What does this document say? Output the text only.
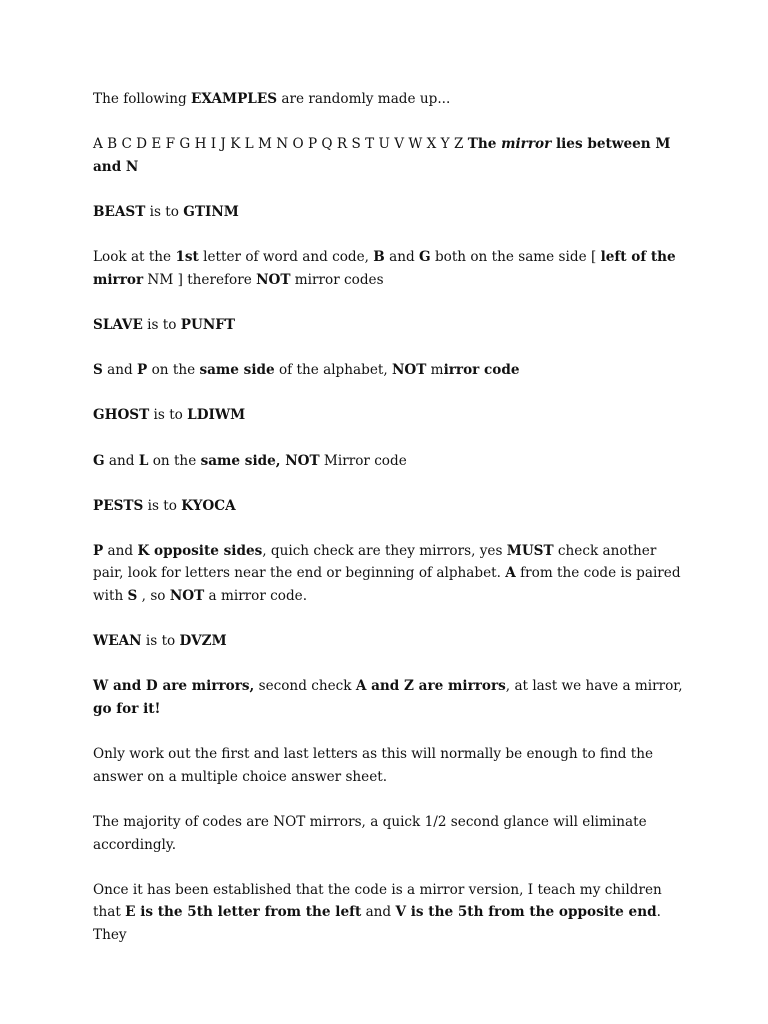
The following EXAMPLES are randomly made up...

A B C D E F G H I J K L M N O P Q R S T U V W X Y Z The mirror lies between M and N

BEAST is to GTINM

Look at the 1st letter of word and code, B and G both on the same side [ left of the mirror NM ] therefore NOT mirror codes

SLAVE is to PUNFT

S and P on the same side of the alphabet, NOT mirror code

GHOST is to LDIWM

G and L on the same side, NOT Mirror code

PESTS is to KYOCA

P and K opposite sides, quich check are they mirrors, yes MUST check another pair, look for letters near the end or beginning of alphabet. A from the code is paired with S , so NOT a mirror code.

WEAN is to DVZM

W and D are mirrors, second check A and Z are mirrors, at last we have a mirror, go for it!

Only work out the first and last letters as this will normally be enough to find the answer on a multiple choice answer sheet.

The majority of codes are NOT mirrors, a quick 1/2 second glance will eliminate accordingly.

Once it has been established that the code is a mirror version, I teach my children that E is the 5th letter from the left and V is the 5th from the opposite end. They
